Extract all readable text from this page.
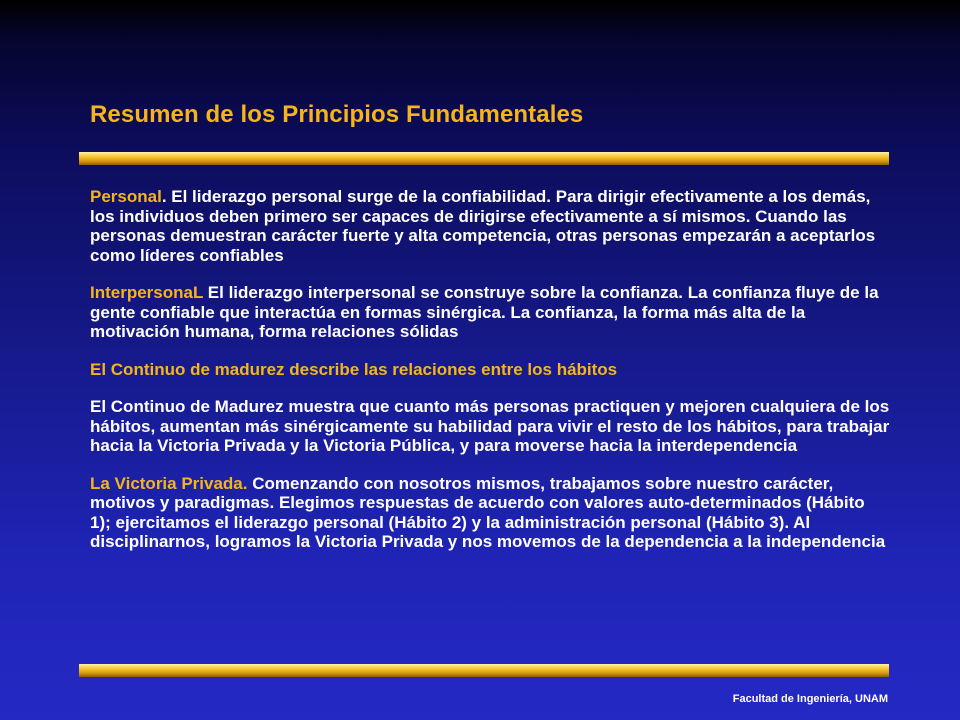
Resumen de los Principios Fundamentales

Personal. El liderazgo personal surge de la confiabilidad. Para dirigir efectivamente a los demás, los individuos deben primero ser capaces de dirigirse efectivamente a sí mismos. Cuando las personas demuestran carácter fuerte y alta competencia, otras personas empezarán a aceptarlos como líderes confiables

InterpersonaL El liderazgo interpersonal se construye sobre la confianza. La confianza fluye de la gente confiable que interactúa en formas sinérgica. La confianza, la forma más alta de la motivación humana, forma relaciones sólidas

El Continuo de madurez describe las relaciones entre los hábitos

El Continuo de Madurez muestra que cuanto más personas practiquen y mejoren cualquiera de los hábitos, aumentan más sinérgicamente su habilidad para vivir el resto de los hábitos, para trabajar hacia la Victoria Privada y la Victoria Pública, y para moverse hacia la interdependencia

La Victoria Privada. Comenzando con nosotros mismos, trabajamos sobre nuestro carácter, motivos y paradigmas. Elegimos respuestas de acuerdo con valores auto-determinados (Hábito 1); ejercitamos el liderazgo personal (Hábito 2) y la administración personal (Hábito 3). Al disciplinarnos, logramos la Victoria Privada y nos movemos de la dependencia a la independencia

Facultad de Ingeniería, UNAM
